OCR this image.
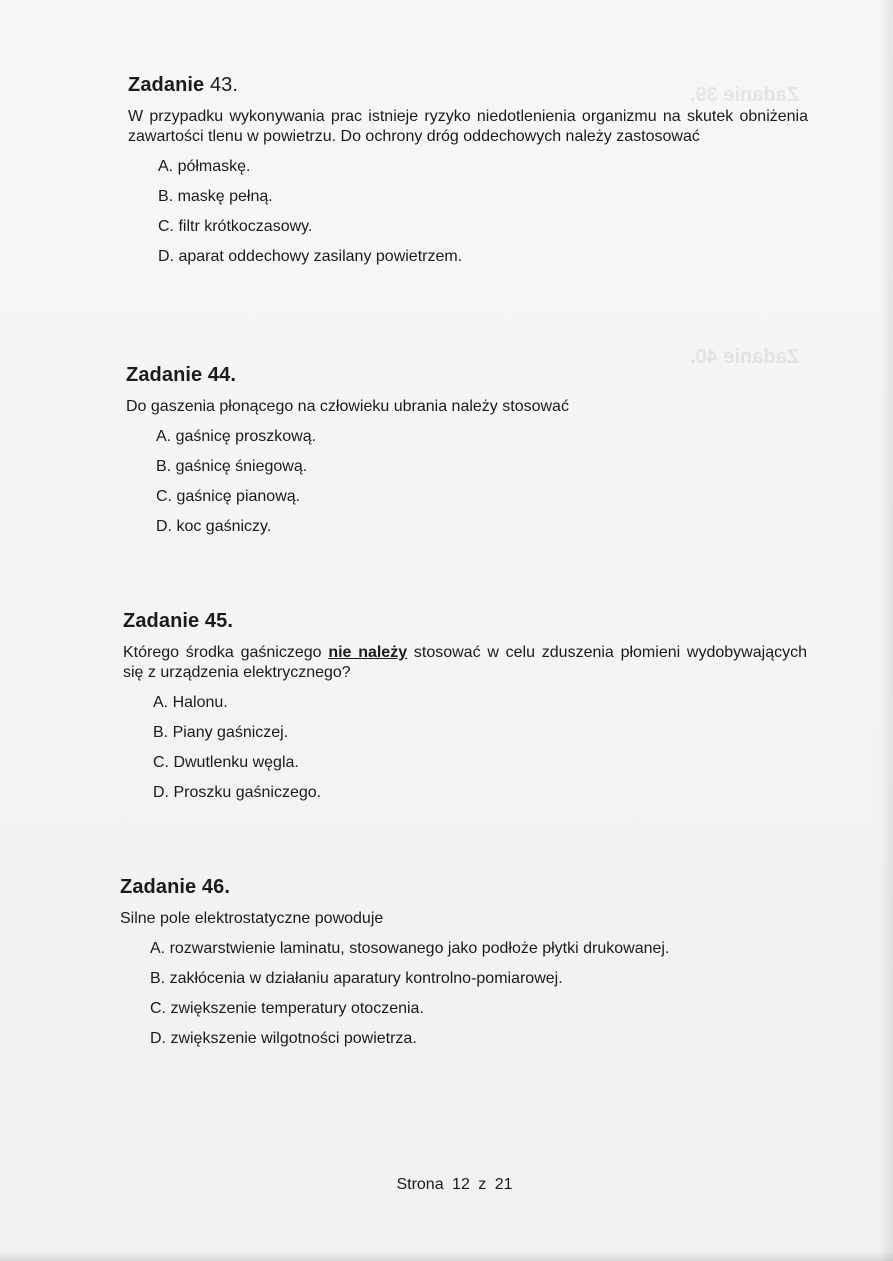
Zadanie 39.
Zadanie 40.
Zadanie 43.

W przypadku wykonywania prac istnieje ryzyko niedotlenienia organizmu na skutek obniżenia zawartości tlenu w powietrzu. Do ochrony dróg oddechowych należy zastosować

A. półmaskę.
B. maskę pełną.
C. filtr krótkoczasowy.
D. aparat oddechowy zasilany powietrzem.
Zadanie 44.

Do gaszenia płonącego na człowieku ubrania należy stosować

A. gaśnicę proszkową.
B. gaśnicę śniegową.
C. gaśnicę pianową.
D. koc gaśniczy.
Zadanie 45.

Którego środka gaśniczego nie należy stosować w celu zduszenia płomieni wydobywających się z urządzenia elektrycznego?

A. Halonu.
B. Piany gaśniczej.
C. Dwutlenku węgla.
D. Proszku gaśniczego.
Zadanie 46.

Silne pole elektrostatyczne powoduje

A. rozwarstwienie laminatu, stosowanego jako podłoże płytki drukowanej.
B. zakłócenia w działaniu aparatury kontrolno-pomiarowej.
C. zwiększenie temperatury otoczenia.
D. zwiększenie wilgotności powietrza.
Strona 12 z 21
